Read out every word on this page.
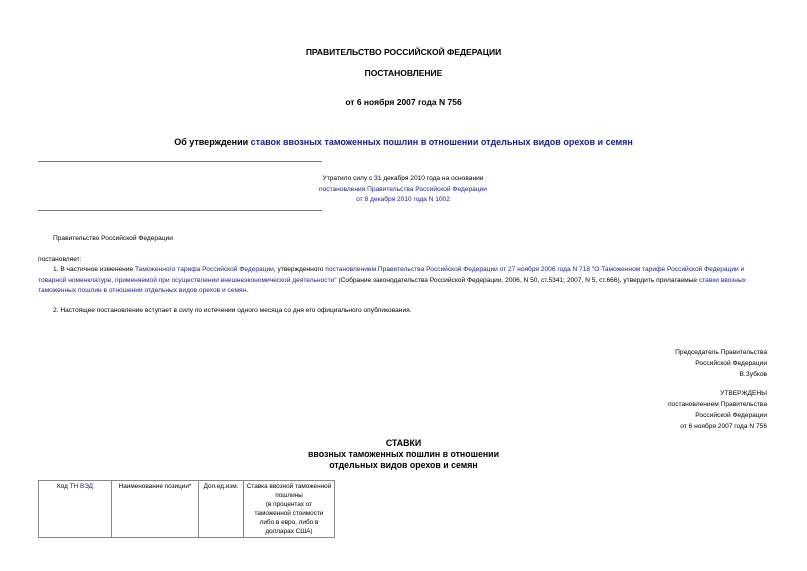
ПРАВИТЕЛЬСТВО РОССИЙСКОЙ ФЕДЕРАЦИИ
ПОСТАНОВЛЕНИЕ
от 6 ноября 2007 года N 756
Об утверждении ставок ввозных таможенных пошлин в отношении отдельных видов орехов и семян
Утратило силу с 31 декабря 2010 года на основании
постановления Правительства Российской Федерации
от 8 декабря 2010 года N 1002
Правительство Российской Федерации
постановляет:
1. В частичное изменение Таможенного тарифа Российской Федерации, утвержденного постановлением Правительства Российской Федерации от 27 ноября 2006 года N 718 "О Таможенном тарифе Российской Федерации и товарной номенклатуре, применяемой при осуществлении внешнеэкономической деятельности" (Собрание законодательства Российской Федерации, 2006, N 50, ст.5341; 2007, N 5, ст.666), утвердить прилагаемые ставки ввозных таможенных пошлин в отношении отдельных видов орехов и семян.
2. Настоящее постановление вступает в силу по истечении одного месяца со дня его официального опубликования.
Председатель Правительства
Российской Федерации
В.Зубков
УТВЕРЖДЕНЫ
постановлением Правительства
Российской Федерации
от 6 ноября 2007 года N 756
СТАВКИ
ввозных таможенных пошлин в отношении
отдельных видов орехов и семян
Код ТН ВЭД	Наименование позиции*	Доп.ед.изм.	Ставка ввозной таможенной
пошлины
(в процентах от
таможенной стоимости
либо в евро, либо в
долларах США)
